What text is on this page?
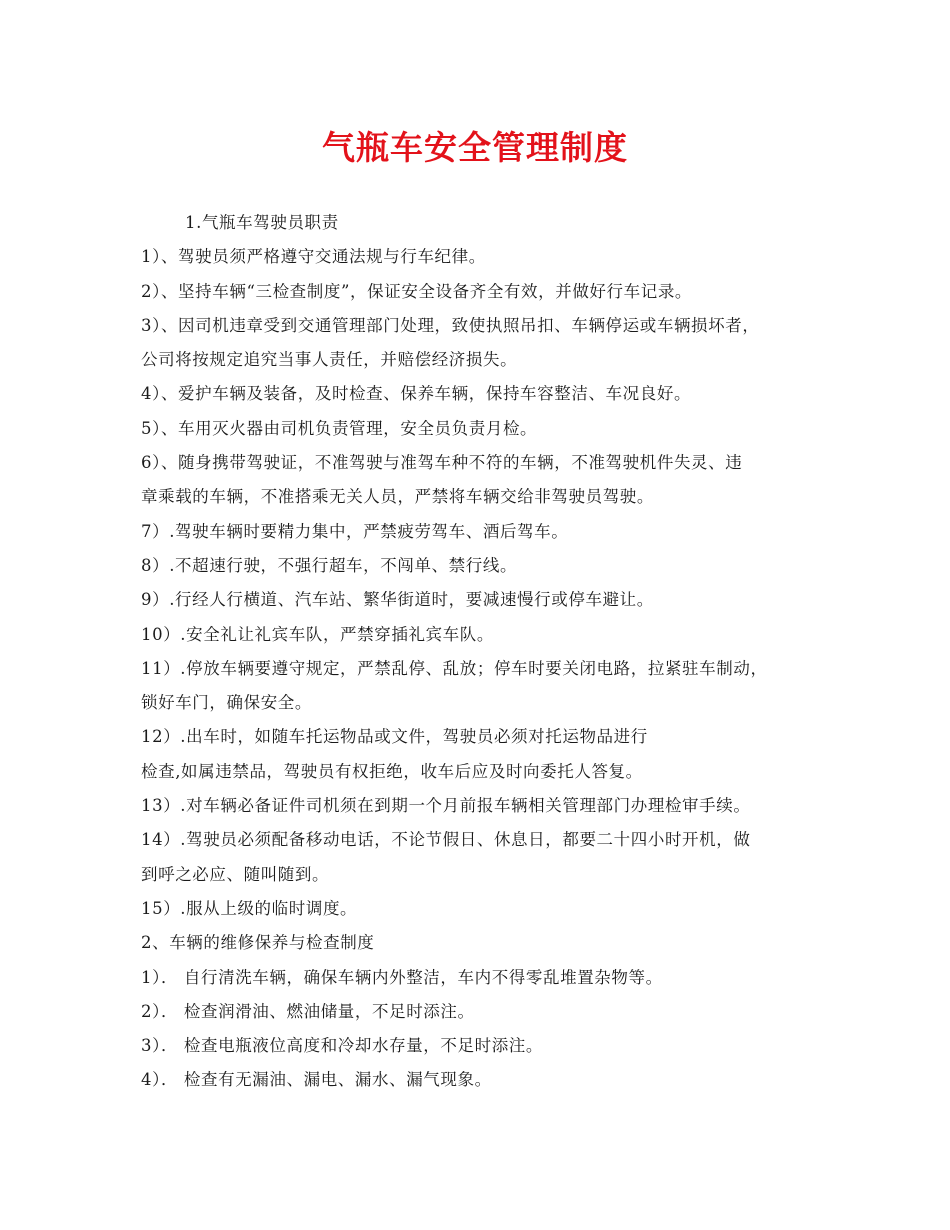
气瓶车安全管理制度
1.气瓶车驾驶员职责
1）、驾驶员须严格遵守交通法规与行车纪律。
2）、坚持车辆“三检查制度”，保证安全设备齐全有效，并做好行车记录。
3）、因司机违章受到交通管理部门处理，致使执照吊扣、车辆停运或车辆损坏者，
公司将按规定追究当事人责任，并赔偿经济损失。
4）、爱护车辆及装备，及时检查、保养车辆，保持车容整洁、车况良好。
5）、车用灭火器由司机负责管理，安全员负责月检。
6）、随身携带驾驶证，不准驾驶与准驾车种不符的车辆，不准驾驶机件失灵、违
章乘载的车辆，不准搭乘无关人员，严禁将车辆交给非驾驶员驾驶。
7）.驾驶车辆时要精力集中，严禁疲劳驾车、酒后驾车。
8）.不超速行驶，不强行超车，不闯单、禁行线。
9）.行经人行横道、汽车站、繁华街道时，要减速慢行或停车避让。
10）.安全礼让礼宾车队，严禁穿插礼宾车队。
11）.停放车辆要遵守规定，严禁乱停、乱放；停车时要关闭电路，拉紧驻车制动，
锁好车门，确保安全。
12）.出车时，如随车托运物品或文件，驾驶员必须对托运物品进行
检查,如属违禁品，驾驶员有权拒绝，收车后应及时向委托人答复。
13）.对车辆必备证件司机须在到期一个月前报车辆相关管理部门办理检审手续。
14）.驾驶员必须配备移动电话，不论节假日、休息日，都要二十四小时开机，做
到呼之必应、随叫随到。
15）.服从上级的临时调度。
2、车辆的维修保养与检查制度
1）． 自行清洗车辆，确保车辆内外整洁，车内不得零乱堆置杂物等。
2）． 检查润滑油、燃油储量，不足时添注。
3）． 检查电瓶液位高度和冷却水存量，不足时添注。
4）． 检查有无漏油、漏电、漏水、漏气现象。
